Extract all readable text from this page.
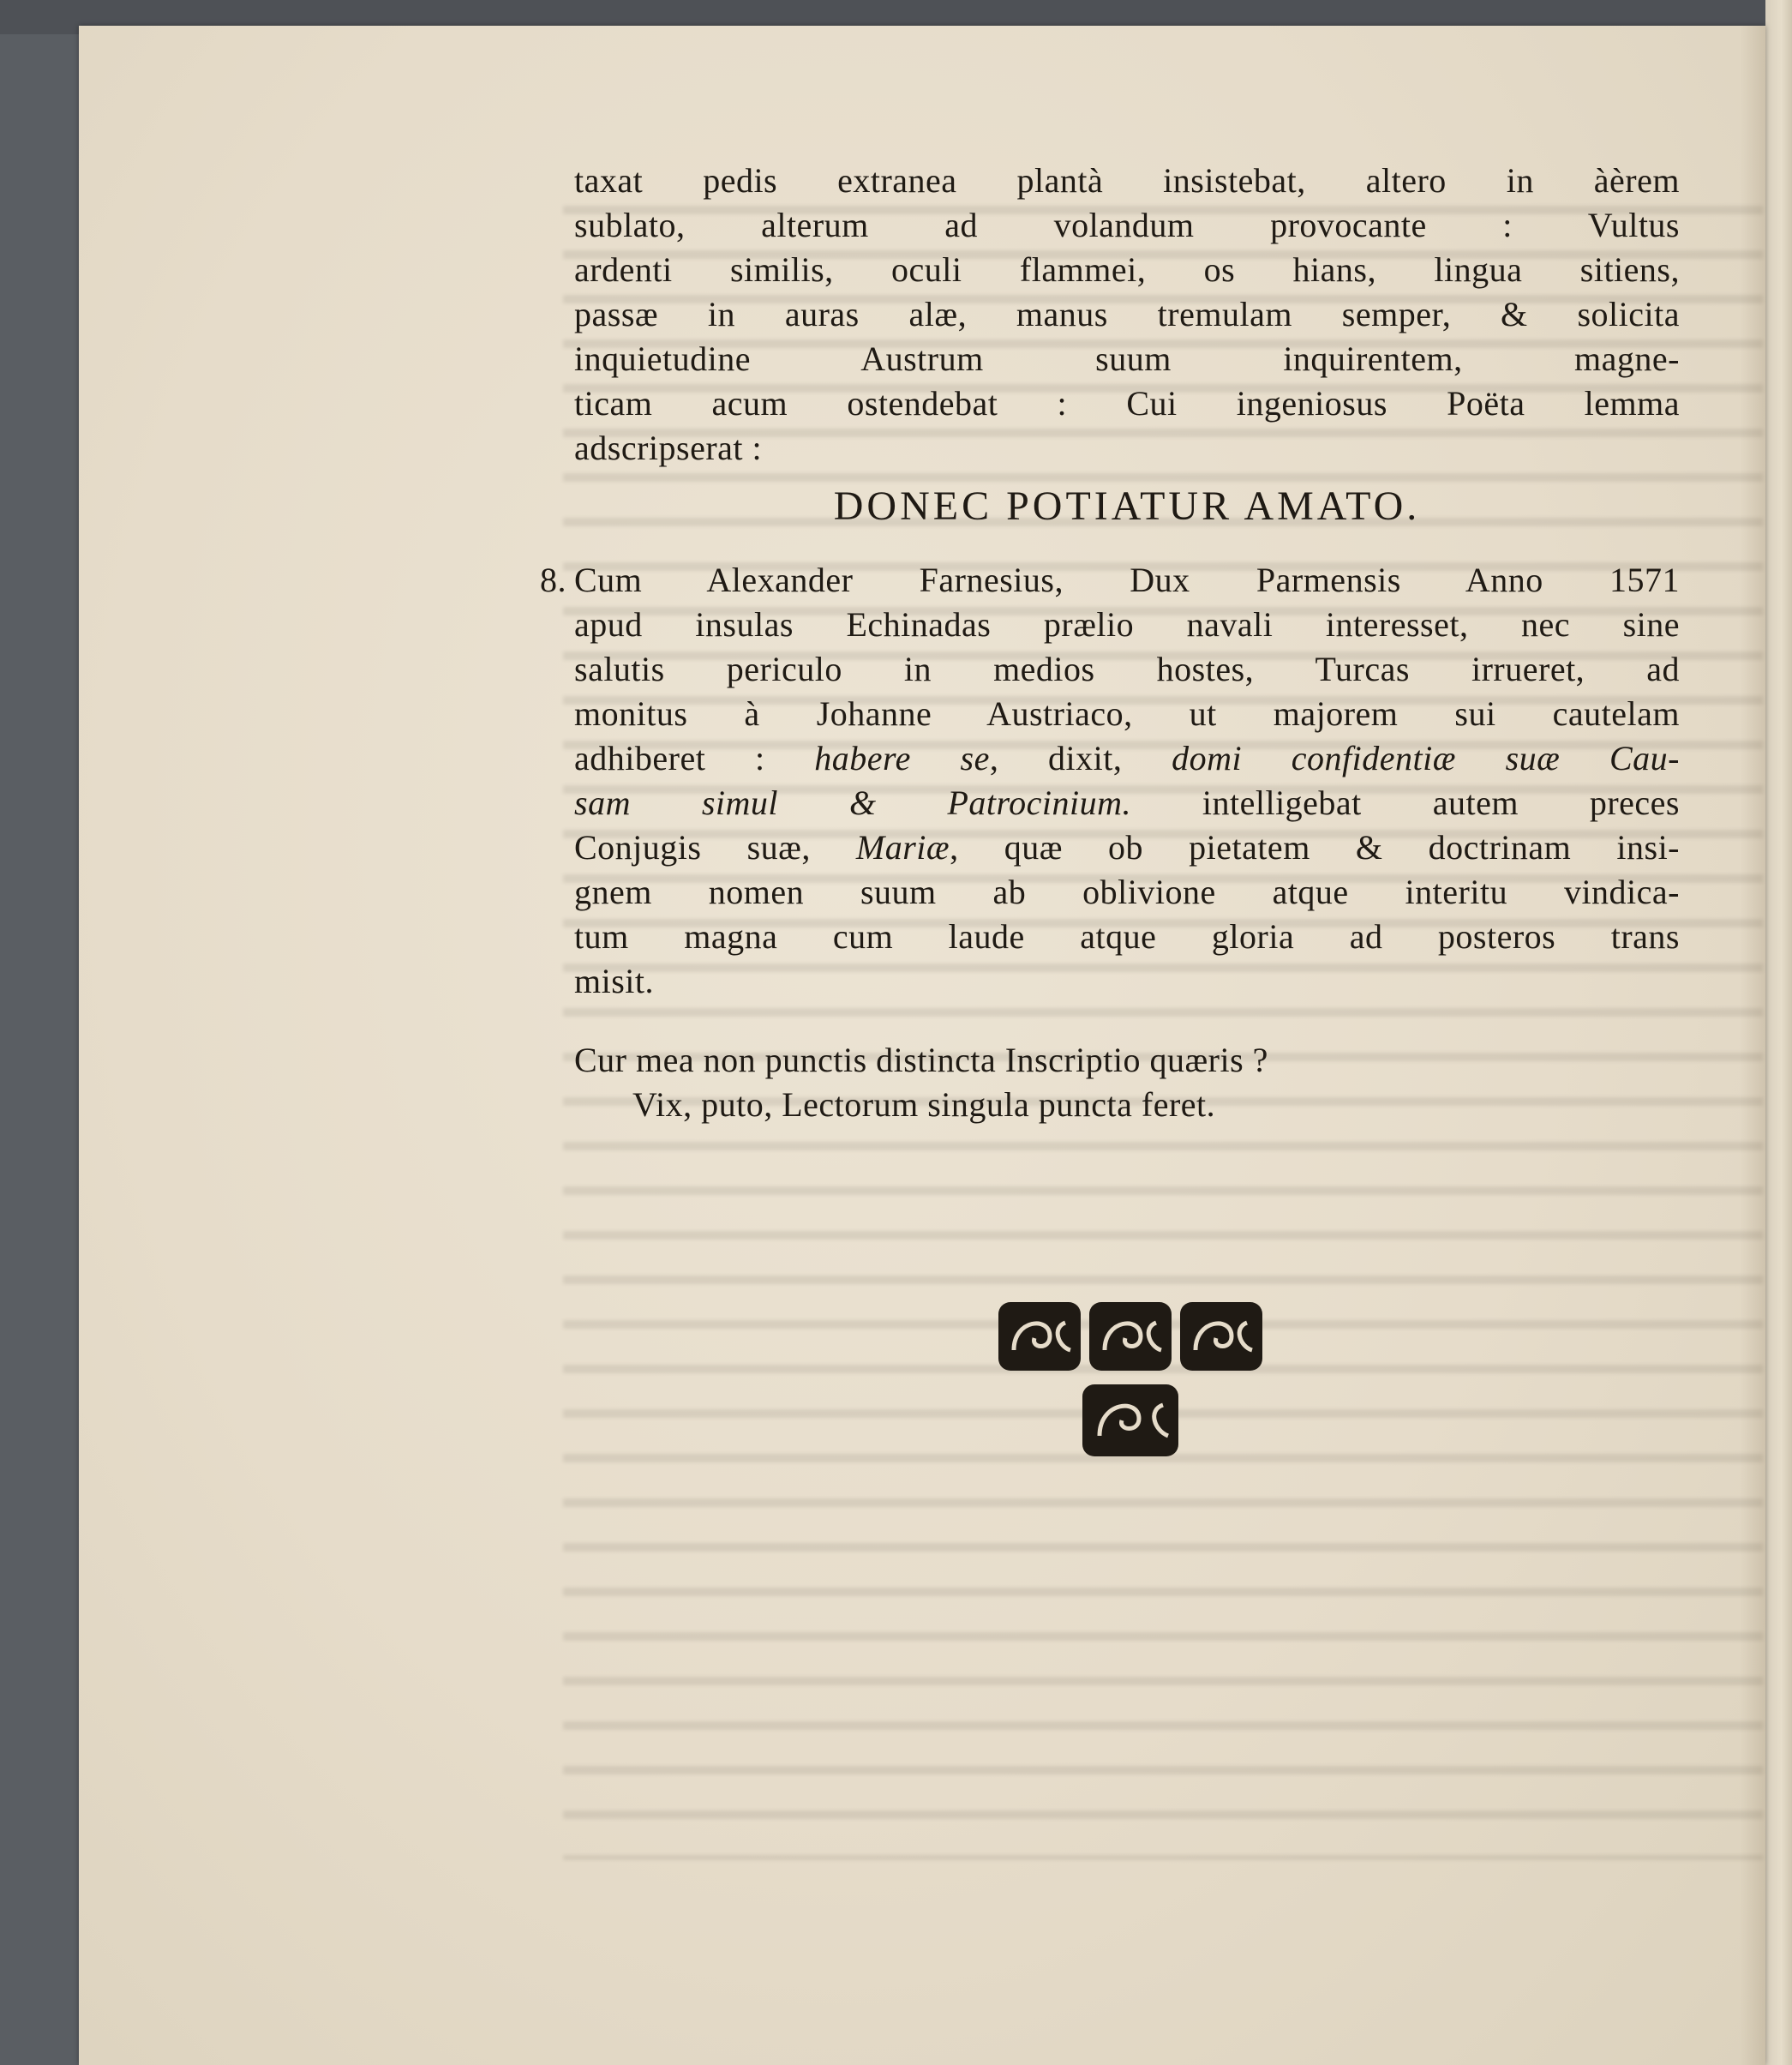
taxat pedis extranea plantà insistebat, altero in àèrem
sublato, alterum ad volandum provocante : Vultus
ardenti similis, oculi flammei, os hians, lingua sitiens,
passæ in auras alæ, manus tremulam semper, & solicita
inquietudine Austrum suum inquirentem, magne-
ticam acum ostendebat : Cui ingeniosus Poëta lemma
adscripserat :
DONEC POTIATUR AMATO.
8. Cum Alexander Farnesius, Dux Parmensis Anno 1571
apud insulas Echinadas prælio navali interesset, nec sine
salutis periculo in medios hostes, Turcas irrueret, ad
monitus à Johanne Austriaco, ut majorem sui cautelam
adhiberet : habere se, dixit, domi confidentiæ suæ Cau-
sam simul & Patrocinium. intelligebat autem preces
Conjugis suæ, Mariæ, quæ ob pietatem & doctrinam insi-
gnem nomen suum ab oblivione atque interitu vindica-
tum magna cum laude atque gloria ad posteros trans
misit.
Cur mea non punctis distincta Inscriptio quæris ?
Vix, puto, Lectorum singula puncta feret.
